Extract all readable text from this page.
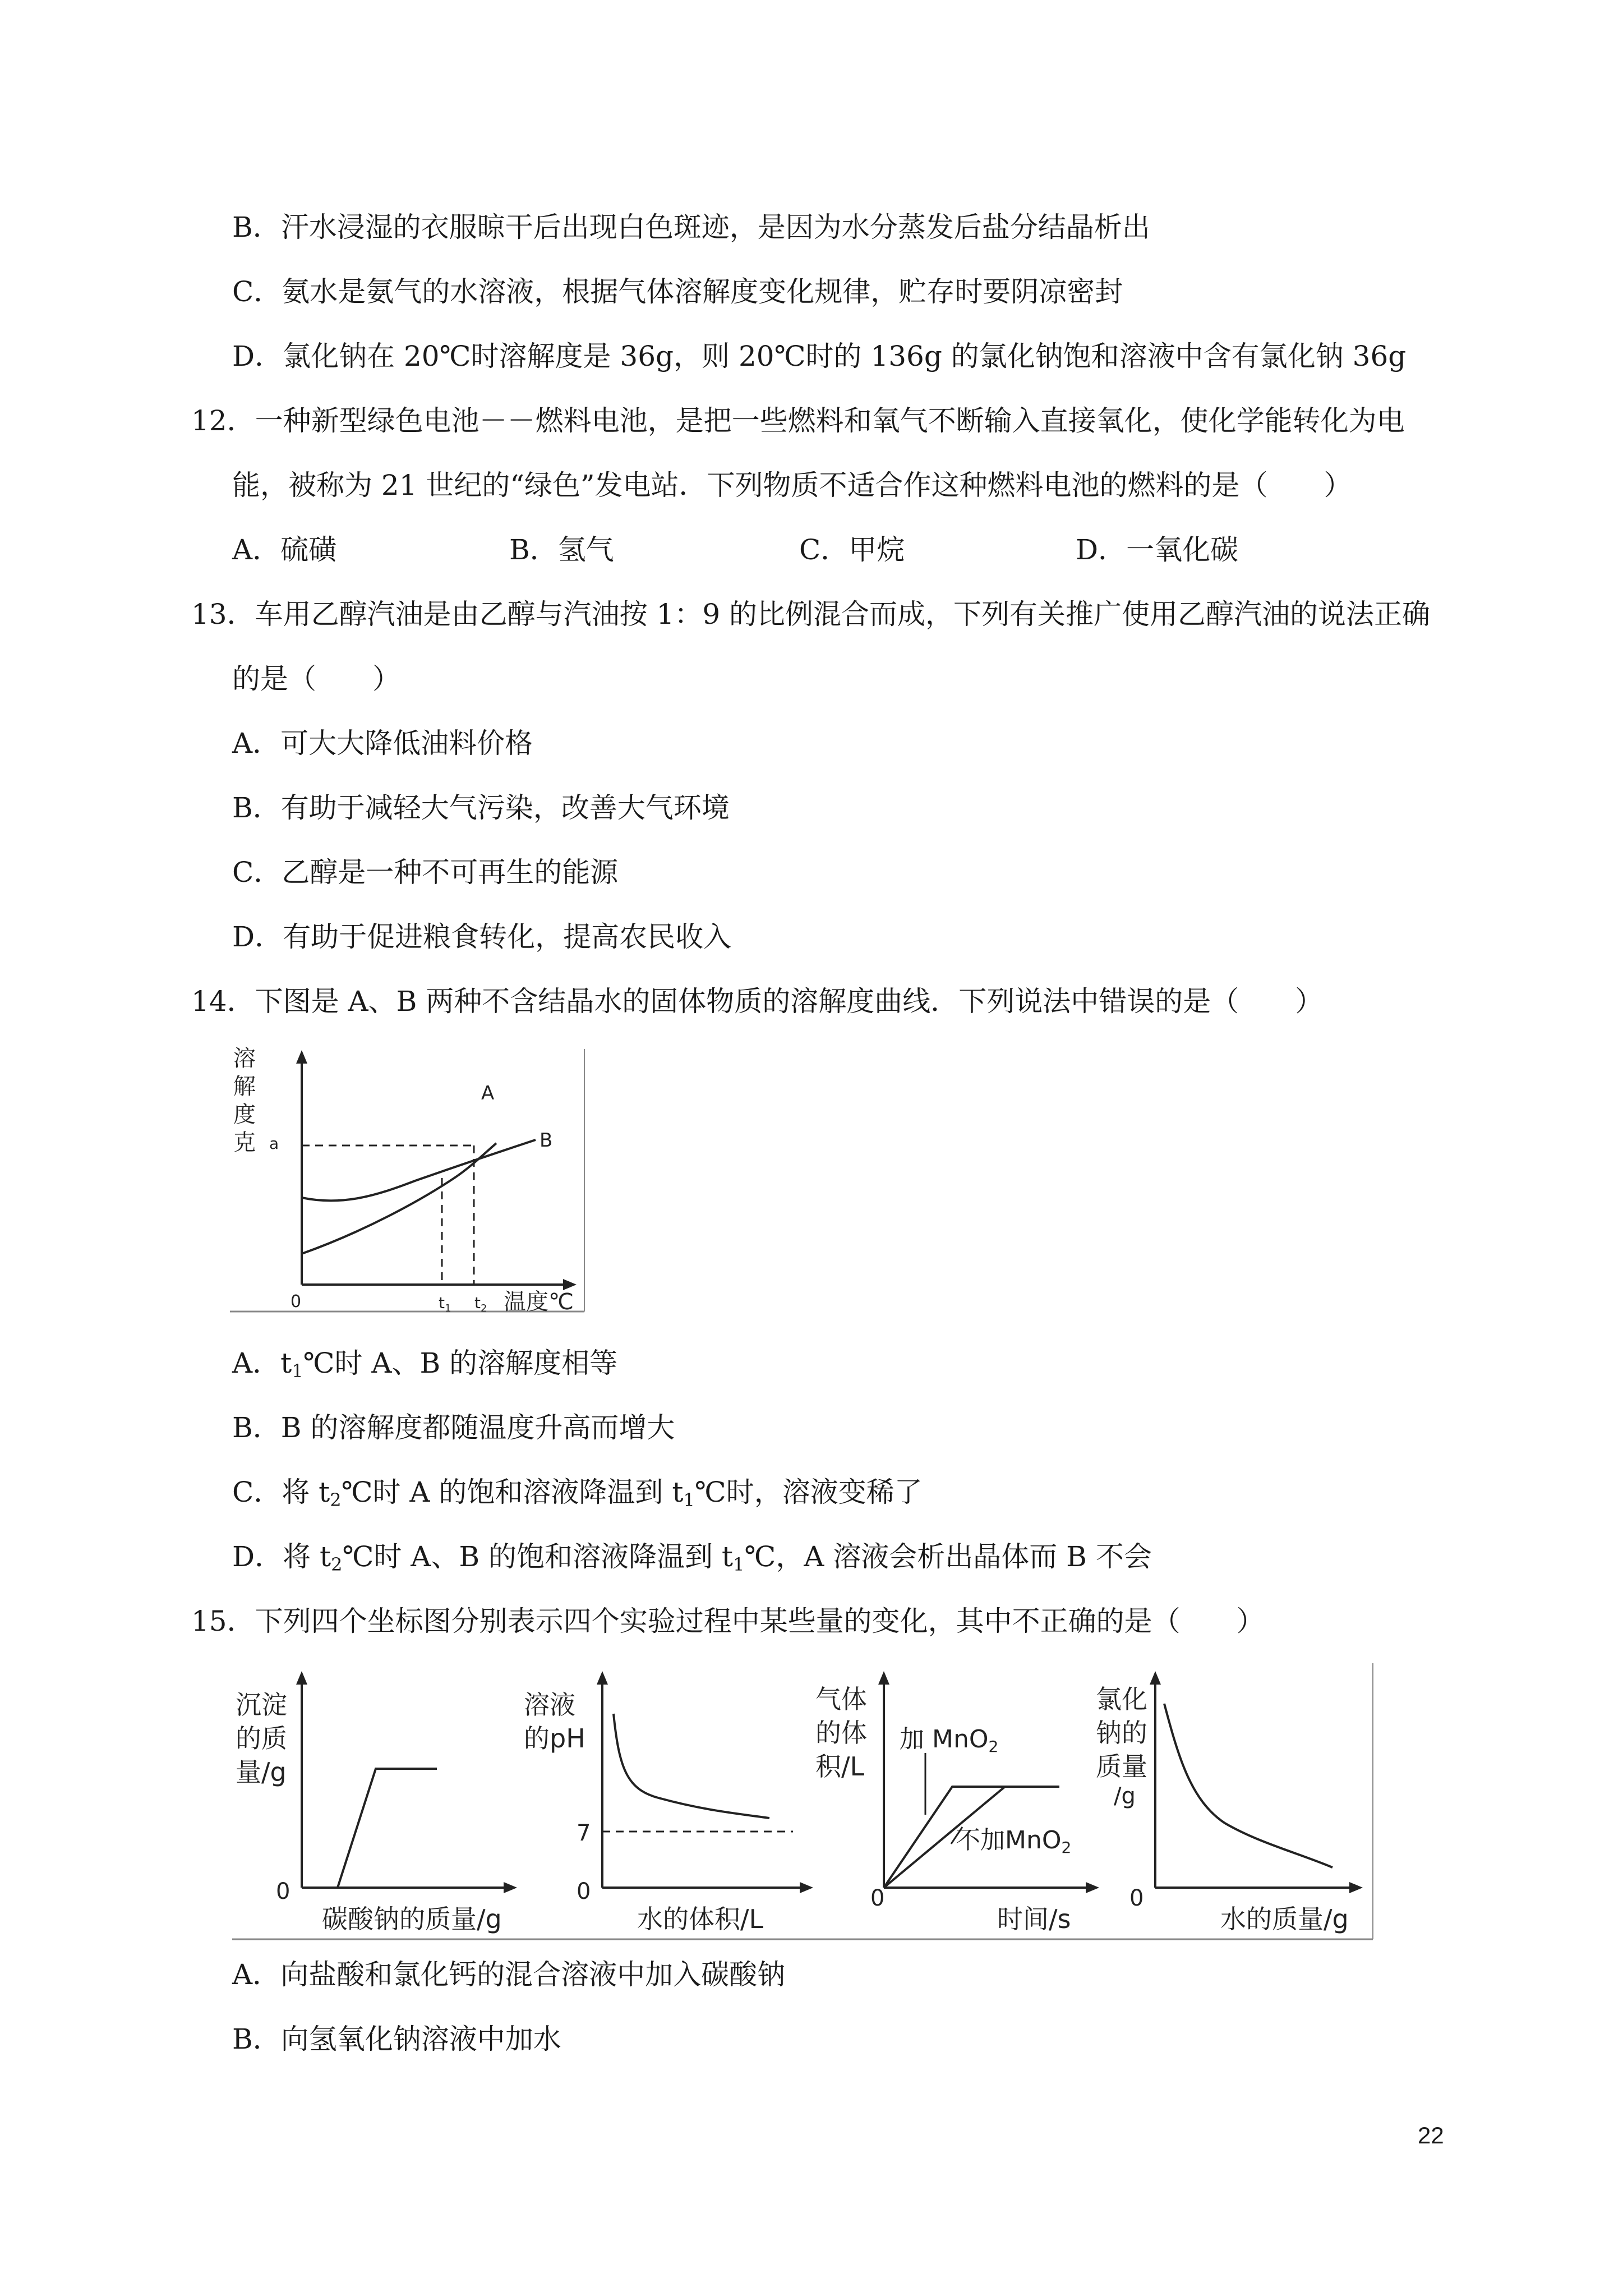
B．汗水浸湿的衣服晾干后出现白色斑迹，是因为水分蒸发后盐分结晶析出
C．氨水是氨气的水溶液，根据气体溶解度变化规律，贮存时要阴凉密封
D．氯化钠在 20℃时溶解度是 36g，则 20℃时的 136g 的氯化钠饱和溶液中含有氯化钠 36g
12．一种新型绿色电池－－燃料电池，是把一些燃料和氧气不断输入直接氧化，使化学能转化为电
能，被称为 21 世纪的“绿色”发电站．下列物质不适合作这种燃料电池的燃料的是（　　）
A．硫磺	B．氢气	C．甲烷	D．一氧化碳
13．车用乙醇汽油是由乙醇与汽油按 1：9 的比例混合而成，下列有关推广使用乙醇汽油的说法正确
的是（　　）
A．可大大降低油料价格
B．有助于减轻大气污染，改善大气环境
C．乙醇是一种不可再生的能源
D．有助于促进粮食转化，提高农民收入
14．下图是 A、B 两种不含结晶水的固体物质的溶解度曲线．下列说法中错误的是（　　）
溶
解
度
克 a
0	$t_1$ $t_2$ 温度℃
A
B
A．$t_1℃$时 A、B 的溶解度相等
B．B 的溶解度都随温度升高而增大
C．将 $t_2℃$时 A 的饱和溶液降温到 $t_1℃$时，溶液变稀了
D．将 $t_2℃$时 A、B 的饱和溶液降温到 $t_1℃$，A 溶液会析出晶体而 B 不会
15．下列四个坐标图分别表示四个实验过程中某些量的变化，其中不正确的是（　　）
沉淀
的质
量/g
0
碳酸钠的质量/g
溶液
的pH
7
0
水的体积/L
气体
的体
积/L
加 MnO2
不加MnO2
0
时间/s
氯化
钠的
质量
/g
0
水的质量/g
A．向盐酸和氯化钙的混合溶液中加入碳酸钠
B．向氢氧化钠溶液中加水
22
